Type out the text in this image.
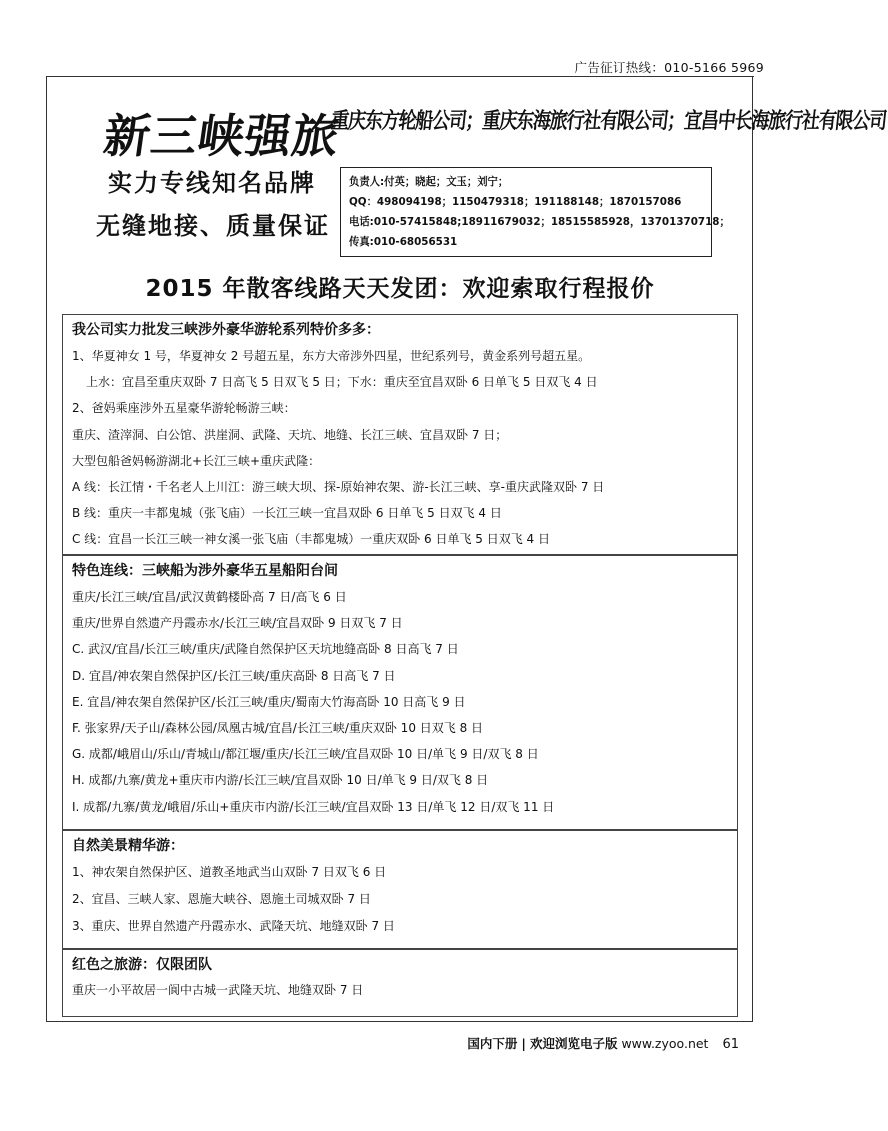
广告征订热线：010-5166 5969
新三峡强旅
重庆东方轮船公司；重庆东海旅行社有限公司；宜昌中长海旅行社有限公司
实力专线知名品牌
无缝地接、质量保证
负责人:付英；晓起；文玉；刘宁；
QQ：498094198；1150479318；191188148；1870157086
电话:010-57415848;18911679032；18515585928，13701370718；
传真:010-68056531
2015 年散客线路天天发团：欢迎索取行程报价
我公司实力批发三峡涉外豪华游轮系列特价多多：
1、华夏神女 1 号，华夏神女 2 号超五星，东方大帝涉外四星，世纪系列号，黄金系列号超五星。
上水：宜昌至重庆双卧 7 日高飞 5 日双飞 5 日；下水：重庆至宜昌双卧 6 日单飞 5 日双飞 4 日
2、爸妈乘座涉外五星豪华游轮畅游三峡：
重庆、渣滓洞、白公馆、洪崖洞、武隆、天坑、地缝、长江三峡、宜昌双卧 7 日；
大型包船爸妈畅游湖北+长江三峡+重庆武隆：
A 线：长江情・千名老人上川江：游三峡大坝、探-原始神农架、游-长江三峡、享-重庆武隆双卧 7 日
B 线：重庆一丰都鬼城（张飞庙）一长江三峡一宜昌双卧 6 日单飞 5 日双飞 4 日
C 线：宜昌一长江三峡一神女溪一张飞庙（丰都鬼城）一重庆双卧 6 日单飞 5 日双飞 4 日
特色连线：三峡船为涉外豪华五星船阳台间
重庆/长江三峡/宜昌/武汉黄鹤楼卧高 7 日/高飞 6 日
重庆/世界自然遗产丹霞赤水/长江三峡/宜昌双卧 9 日双飞 7 日
C. 武汉/宜昌/长江三峡/重庆/武隆自然保护区天坑地缝高卧 8 日高飞 7 日
D. 宜昌/神农架自然保护区/长江三峡/重庆高卧 8 日高飞 7 日
E. 宜昌/神农架自然保护区/长江三峡/重庆/蜀南大竹海高卧 10 日高飞 9 日
F. 张家界/天子山/森林公园/凤凰古城/宜昌/长江三峡/重庆双卧 10 日双飞 8 日
G. 成都/峨眉山/乐山/青城山/都江堰/重庆/长江三峡/宜昌双卧 10 日/单飞 9 日/双飞 8 日
H. 成都/九寨/黄龙+重庆市内游/长江三峡/宜昌双卧 10 日/单飞 9 日/双飞 8 日
I. 成都/九寨/黄龙/峨眉/乐山+重庆市内游/长江三峡/宜昌双卧 13 日/单飞 12 日/双飞 11 日
自然美景精华游：
1、神农架自然保护区、道教圣地武当山双卧 7 日双飞 6 日
2、宜昌、三峡人家、恩施大峡谷、恩施土司城双卧 7 日
3、重庆、世界自然遗产丹霞赤水、武隆天坑、地缝双卧 7 日
红色之旅游：仅限团队
重庆一小平故居一阆中古城一武隆天坑、地缝双卧 7 日
国内下册 | 欢迎浏览电子版 www.zyoo.net 61
